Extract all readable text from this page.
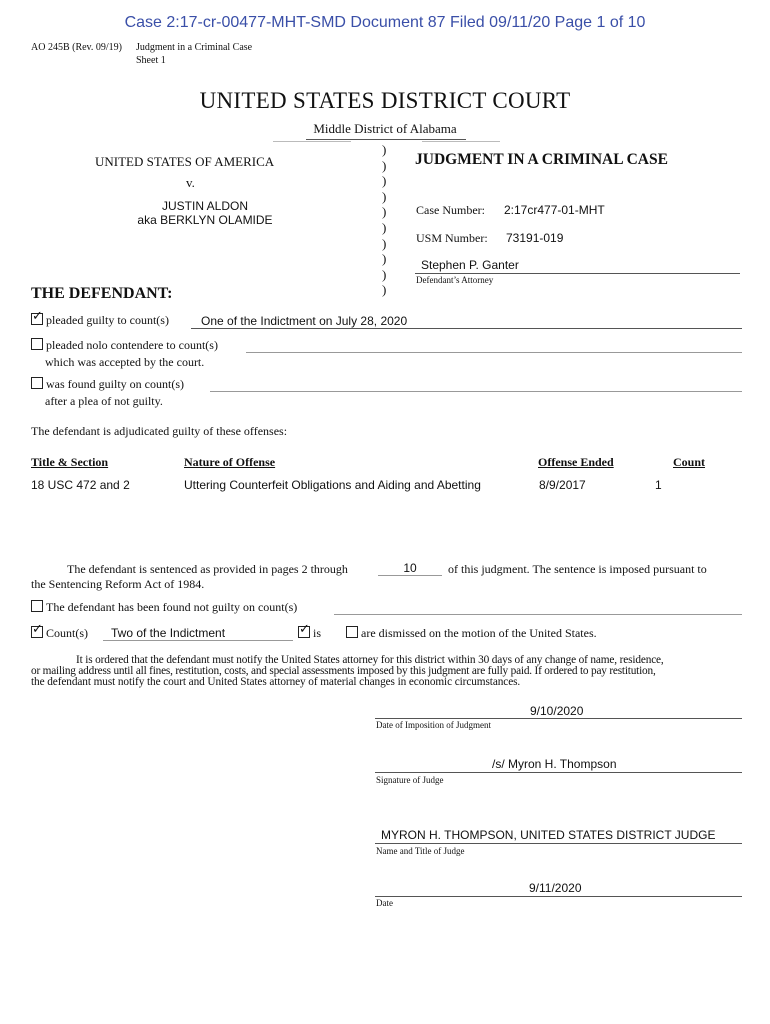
Case 2:17-cr-00477-MHT-SMD Document 87 Filed 09/11/20 Page 1 of 10
AO 245B (Rev. 09/19) Judgment in a Criminal Case
Sheet 1
UNITED STATES DISTRICT COURT
Middle District of Alabama
UNITED STATES OF AMERICA
v.
JUSTIN ALDON
aka BERKLYN OLAMIDE
)
)
)
)
)
)
)
)
)
)
JUDGMENT IN A CRIMINAL CASE
Case Number: 2:17cr477-01-MHT
USM Number: 73191-019
Stephen P. Ganter
Defendant’s Attorney
THE DEFENDANT:
✓pleaded guilty to count(s)	One of the Indictment on July 28, 2020
pleaded nolo contendere to count(s)
which was accepted by the court.
was found guilty on count(s)
after a plea of not guilty.
The defendant is adjudicated guilty of these offenses:
Title & Section	Nature of Offense	Offense Ended	Count
18 USC 472 and 2	Uttering Counterfeit Obligations and Aiding and Abetting	8/9/2017	1
The defendant is sentenced as provided in pages 2 through	10	of this judgment. The sentence is imposed pursuant to
the Sentencing Reform Act of 1984.
The defendant has been found not guilty on count(s)
✓Count(s) Two of the Indictment
✓	is	are dismissed on the motion of the United States.
It is ordered that the defendant must notify the United States attorney for this district within 30 days of any change of name, residence,
or mailing address until all fines, restitution, costs, and special assessments imposed by this judgment are fully paid. If ordered to pay restitution,
the defendant must notify the court and United States attorney of material changes in economic circumstances.
9/10/2020
Date of Imposition of Judgment
/s/ Myron H. Thompson
Signature of Judge
MYRON H. THOMPSON, UNITED STATES DISTRICT JUDGE
Name and Title of Judge
9/11/2020
Date
